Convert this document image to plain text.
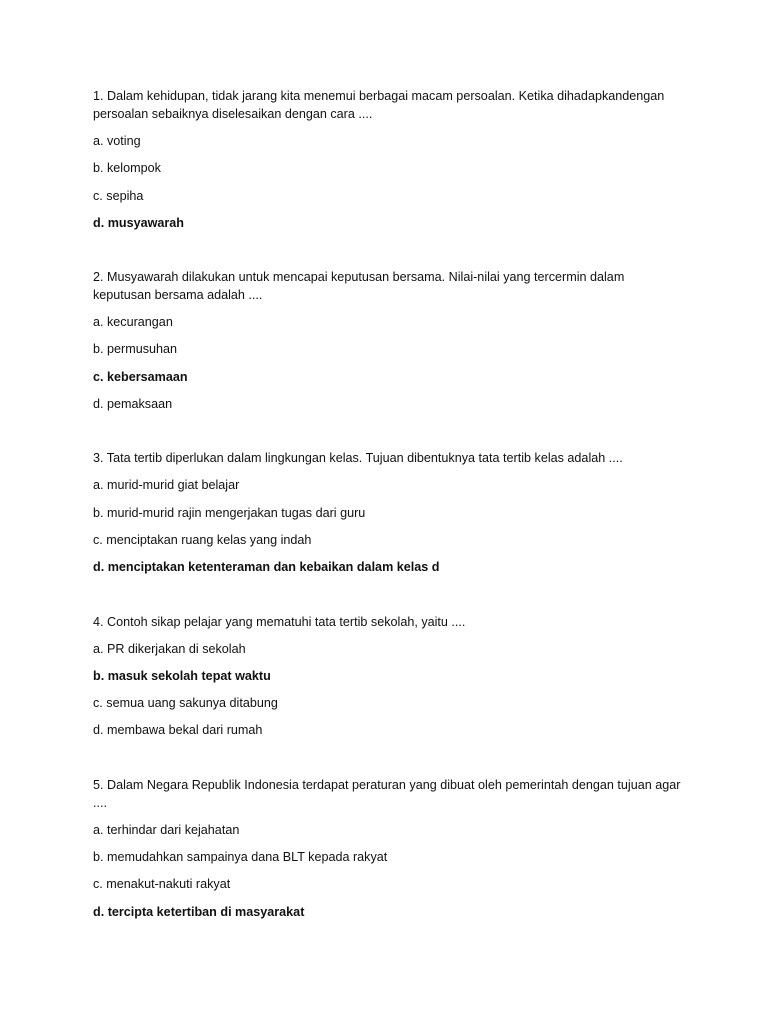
1. Dalam kehidupan, tidak jarang kita menemui berbagai macam persoalan. Ketika dihadapkandengan persoalan sebaiknya diselesaikan dengan cara ....

a. voting
b. kelompok
c. sepiha
d. musyawarah

2. Musyawarah dilakukan untuk mencapai keputusan bersama. Nilai-nilai yang tercermin dalam keputusan bersama adalah ....

a. kecurangan
b. permusuhan
c. kebersamaan
d. pemaksaan

3. Tata tertib diperlukan dalam lingkungan kelas. Tujuan dibentuknya tata tertib kelas adalah ....

a. murid-murid giat belajar
b. murid-murid rajin mengerjakan tugas dari guru
c. menciptakan ruang kelas yang indah
d. menciptakan ketenteraman dan kebaikan dalam kelas d

4. Contoh sikap pelajar yang mematuhi tata tertib sekolah, yaitu ....

a. PR dikerjakan di sekolah
b. masuk sekolah tepat waktu
c. semua uang sakunya ditabung
d. membawa bekal dari rumah

5. Dalam Negara Republik Indonesia terdapat peraturan yang dibuat oleh pemerintah dengan tujuan agar ....

a. terhindar dari kejahatan
b. memudahkan sampainya dana BLT kepada rakyat
c. menakut-nakuti rakyat
d. tercipta ketertiban di masyarakat
